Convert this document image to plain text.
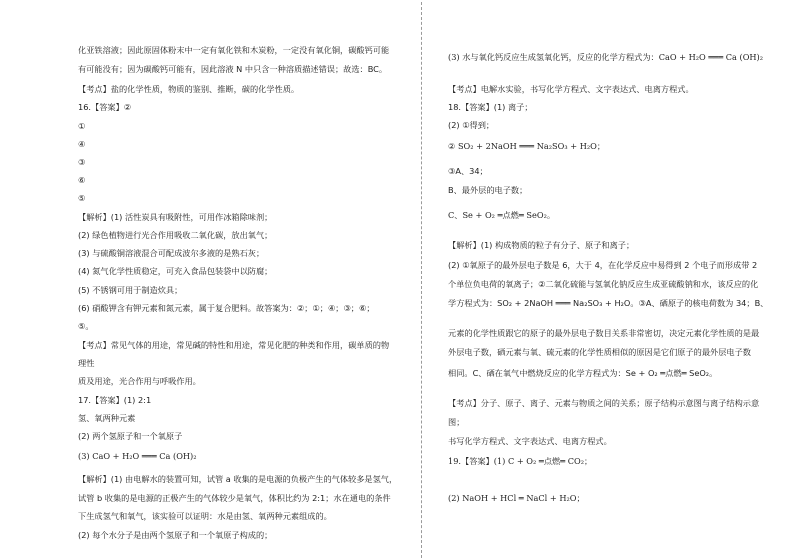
化亚铁溶液；因此原固体粉末中一定有氧化铁和木炭粉，一定没有氧化铜，碳酸钙可能
有可能没有；因为碳酸钙可能有，因此溶液 N 中只含一种溶质描述错误；故选：BC。
【考点】盐的化学性质，物质的鉴别、推断，碳的化学性质。
16.【答案】②
①
④
③
⑥
⑤
【解析】(1) 活性炭具有吸附性，可用作冰箱除味剂；
(2) 绿色植物进行光合作用吸收二氧化碳，放出氧气；
(3) 与硫酸铜溶液混合可配成波尔多液的是熟石灰；
(4) 氮气化学性质稳定，可充入食品包装袋中以防腐；
(5) 不锈钢可用于制造炊具；
(6) 硝酸钾含有钾元素和氮元素，属于复合肥料。故答案为：②；①；④；③；⑥；
⑤。
【考点】常见气体的用途，常见碱的特性和用途，常见化肥的种类和作用，碳单质的物
理性
质及用途，光合作用与呼吸作用。
17.【答案】(1) 2:1
氢、氧两种元素
(2) 两个氢原子和一个氧原子
(3) CaO + H₂O ═══ Ca (OH)₂
【解析】(1) 由电解水的装置可知，试管 a 收集的是电源的负极产生的气体较多是氢气，
试管 b 收集的是电源的正极产生的气体较少是氧气，体积比约为 2:1；水在通电的条件
下生成氢气和氧气，该实验可以证明：水是由氢、氧两种元素组成的。
(2) 每个水分子是由两个氢原子和一个氧原子构成的；
(3) 水与氧化钙反应生成氢氧化钙，反应的化学方程式为：CaO + H₂O ═══ Ca (OH)₂
【考点】电解水实验，书写化学方程式、文字表达式、电离方程式。
18.【答案】(1) 离子；
(2) ①得到；
② SO₂ + 2NaOH ═══ Na₂SO₃ + H₂O；
③A、34；
B、最外层的电子数；
C、Se + O₂ ═点燃═ SeO₂。
【解析】(1) 构成物质的粒子有分子、原子和离子；
(2) ①氧原子的最外层电子数是 6，大于 4，在化学反应中易得到 2 个电子而形成带 2
个单位负电荷的氧离子；②二氧化硫能与氢氧化钠反应生成亚硫酸钠和水，该反应的化
学方程式为：SO₂ + 2NaOH ═══ Na₂SO₃ + H₂O。③A、硒原子的核电荷数为 34；B、
元素的化学性质跟它的原子的最外层电子数目关系非常密切，决定元素化学性质的是最
外层电子数，硒元素与氧、硫元素的化学性质相似的原因是它们原子的最外层电子数
相同。C、硒在氧气中燃烧反应的化学方程式为：Se + O₂ ═点燃═ SeO₂。
【考点】分子、原子、离子、元素与物质之间的关系；原子结构示意图与离子结构示意
图；
书写化学方程式、文字表达式、电离方程式。
19.【答案】(1) C + O₂ ═点燃═ CO₂；
(2) NaOH + HCl ═ NaCl + H₂O；
